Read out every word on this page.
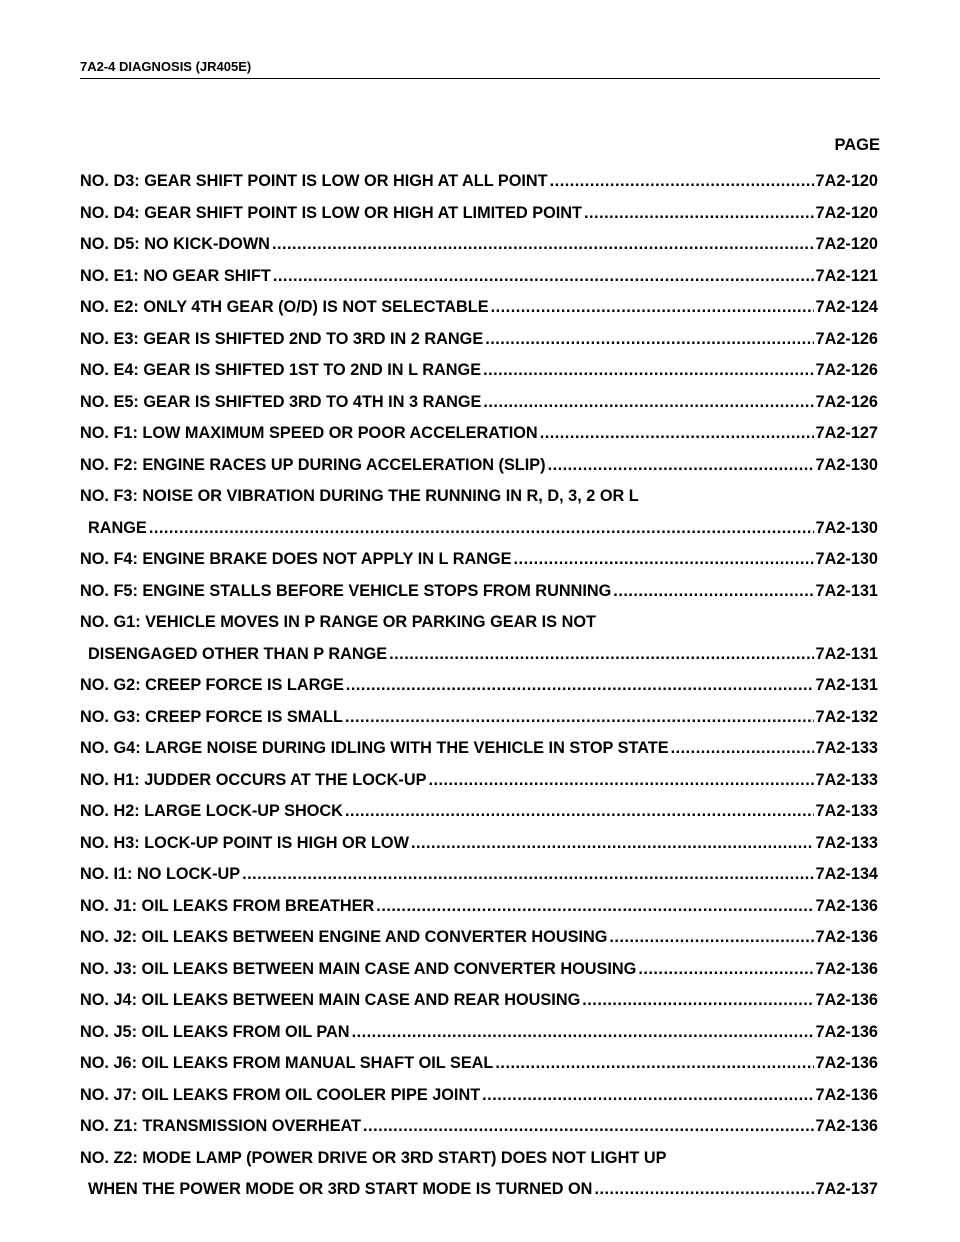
7A2-4 DIAGNOSIS (JR405E)
PAGE
NO. D3: GEAR SHIFT POINT IS LOW OR HIGH AT ALL POINT .....	7A2-120
NO. D4: GEAR SHIFT POINT IS LOW OR HIGH AT LIMITED POINT .....	7A2-120
NO. D5: NO KICK-DOWN .....	7A2-120
NO. E1: NO GEAR SHIFT .....	7A2-121
NO. E2: ONLY 4TH GEAR (O/D) IS NOT SELECTABLE .....	7A2-124
NO. E3: GEAR IS SHIFTED 2ND TO 3RD IN 2 RANGE .....	7A2-126
NO. E4: GEAR IS SHIFTED 1ST TO 2ND IN L RANGE .....	7A2-126
NO. E5: GEAR IS SHIFTED 3RD TO 4TH IN 3 RANGE .....	7A2-126
NO. F1: LOW MAXIMUM SPEED OR POOR ACCELERATION .....	7A2-127
NO. F2: ENGINE RACES UP DURING ACCELERATION (SLIP) .....	7A2-130
NO. F3: NOISE OR VIBRATION DURING THE RUNNING IN R, D, 3, 2 OR L
RANGE .....	7A2-130
NO. F4: ENGINE BRAKE DOES NOT APPLY IN L RANGE .....	7A2-130
NO. F5: ENGINE STALLS BEFORE VEHICLE STOPS FROM RUNNING .....	7A2-131
NO. G1: VEHICLE MOVES IN P RANGE OR PARKING GEAR IS NOT
DISENGAGED OTHER THAN P RANGE .....	7A2-131
NO. G2: CREEP FORCE IS LARGE .....	7A2-131
NO. G3: CREEP FORCE IS SMALL .....	7A2-132
NO. G4: LARGE NOISE DURING IDLING WITH THE VEHICLE IN STOP STATE .....	7A2-133
NO. H1: JUDDER OCCURS AT THE LOCK-UP .....	7A2-133
NO. H2: LARGE LOCK-UP SHOCK .....	7A2-133
NO. H3: LOCK-UP POINT IS HIGH OR LOW .....	7A2-133
NO. I1: NO LOCK-UP .....	7A2-134
NO. J1: OIL LEAKS FROM BREATHER .....	7A2-136
NO. J2: OIL LEAKS BETWEEN ENGINE AND CONVERTER HOUSING .....	7A2-136
NO. J3: OIL LEAKS BETWEEN MAIN CASE AND CONVERTER HOUSING .....	7A2-136
NO. J4: OIL LEAKS BETWEEN MAIN CASE AND REAR HOUSING .....	7A2-136
NO. J5: OIL LEAKS FROM OIL PAN .....	7A2-136
NO. J6: OIL LEAKS FROM MANUAL SHAFT OIL SEAL .....	7A2-136
NO. J7: OIL LEAKS FROM OIL COOLER PIPE JOINT .....	7A2-136
NO. Z1: TRANSMISSION OVERHEAT .....	7A2-136
NO. Z2: MODE LAMP (POWER DRIVE OR 3RD START) DOES NOT LIGHT UP
WHEN THE POWER MODE OR 3RD START MODE IS TURNED ON .....	7A2-137
